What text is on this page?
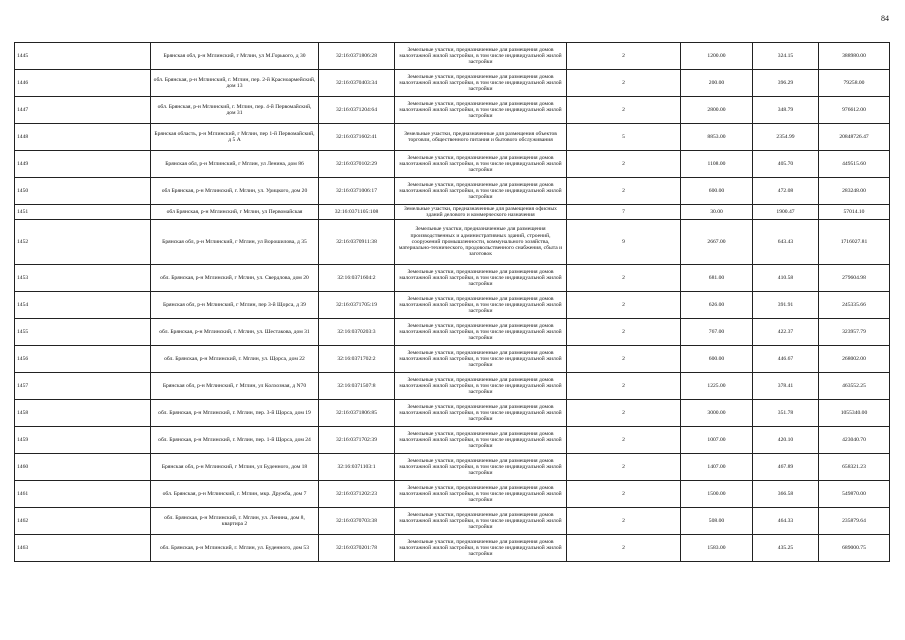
84
1445	Брянская обл, р-н Мглинский, г Мглин, ул М.Горького, д 30	32:16:0371806:28	Земельные участки, предназначенные для размещения домов малоэтажной жилой застройки, в том числе индивидуальной жилой застройки	2	1200.00	324.15	388980.00
1446	обл. Брянская, р-н Мглинский, г. Мглин, пер. 2-й Красноармейский, дом 13	32:16:0370403:34	Земельные участки, предназначенные для размещения домов малоэтажной жилой застройки, в том числе индивидуальной жилой застройки	2	200.00	396.29	79258.00
1447	обл. Брянская, р-н Мглинский, г. Мглин, пер. 4-й Первомайский, дом 31	32:16:0371204:64	Земельные участки, предназначенные для размещения домов малоэтажной жилой застройки, в том числе индивидуальной жилой застройки	2	2800.00	348.79	976612.00
1448	Брянская область, р-н Мглинский, г Мглин, пер 1-й Первомайский, д 5 А	32:16:0371602:41	Земельные участки, предназначенные для размещения объектов торговли, общественного питания и бытового обслуживания	5	8853.00	2354.99	20848726.47
1449	Брянская обл, р-н Мглинский, г Мглин, ул Ленина, дом 86	32:16:0370102:29	Земельные участки, предназначенные для размещения домов малоэтажной жилой застройки, в том числе индивидуальной жилой застройки	2	1108.00	405.70	449515.60
1450	обл Брянская, р-н Мглинский, г. Мглин, ул. Урицкого, дом 20	32:16:0371006:17	Земельные участки, предназначенные для размещения домов малоэтажной жилой застройки, в том числе индивидуальной жилой застройки	2	600.00	472.08	283248.00
1451	обл Брянская, р-н Мглинский, г Мглин, ул Первомайская	32:16:0371105:108	Земельные участки, предназначенные для размещения офисных зданий делового и коммерческого назначения	7	30.00	1900.47	57014.10
1452	Брянская обл, р-н Мглинский, г Мглин, ул Ворошилова, д 35	32:16:0370911:38	Земельные участки, предназначенные для размещения производственных и административных зданий, строений, сооружений промышленности, коммунального хозяйства, материально-технического, продовольственного снабжения, сбыта и заготовок	9	2667.00	643.43	1716027.81
1453	обл. Брянская, р-н Мглинский, г Мглин, ул. Свердлова, дом 20	32:16:0371604:2	Земельные участки, предназначенные для размещения домов малоэтажной жилой застройки, в том числе индивидуальной жилой застройки	2	681.00	410.58	279604.98
1454	Брянская обл, р-н Мглинский, г Мглин, пер 3-й Щорса, д 39	32:16:0371705:19	Земельные участки, предназначенные для размещения домов малоэтажной жилой застройки, в том числе индивидуальной жилой застройки	2	626.00	391.91	245335.66
1455	обл. Брянская, р-н Мглинский, г. Мглин, ул. Шестакова, дом 31	32:16:0370203:3	Земельные участки, предназначенные для размещения домов малоэтажной жилой застройки, в том числе индивидуальной жилой застройки	2	767.00	422.37	323957.79
1456	обл. Брянская, р-н Мглинский, г. Мглин, ул. Щорса, дом 22	32:16:0371702:2	Земельные участки, предназначенные для размещения домов малоэтажной жилой застройки, в том числе индивидуальной жилой застройки	2	600.00	446.67	268002.00
1457	Брянская обл, р-н Мглинский, г Мглин, ул Колхозная, д N70	32:16:0371507:8	Земельные участки, предназначенные для размещения домов малоэтажной жилой застройки, в том числе индивидуальной жилой застройки	2	1225.00	378.41	463552.25
1458	обл. Брянская, р-н Мглинский, г. Мглин, пер. 3-й Щорса, дом 19	32:16:0371806:85	Земельные участки, предназначенные для размещения домов малоэтажной жилой застройки, в том числе индивидуальной жилой застройки	2	3000.00	351.78	1055340.00
1459	обл. Брянская, р-н Мглинский, г. Мглин, пер. 1-й Щорса, дом 24	32:16:0371702:39	Земельные участки, предназначенные для размещения домов малоэтажной жилой застройки, в том числе индивидуальной жилой застройки	2	1007.00	420.10	423040.70
1460	Брянская обл, р-н Мглинский, г Мглин, ул Буденного, дом 18	32:16:0371103:1	Земельные участки, предназначенные для размещения домов малоэтажной жилой застройки, в том числе индивидуальной жилой застройки	2	1407.00	467.89	658321.23
1461	обл. Брянская, р-н Мглинский, г. Мглин, мкр. Дружба, дом 7	32:16:0371202:23	Земельные участки, предназначенные для размещения домов малоэтажной жилой застройки, в том числе индивидуальной жилой застройки	2	1500.00	366.58	549870.00
1462	обл. Брянская, р-н Мглинский, г. Мглин, ул. Ленина, дом 8, квартира 2	32:16:0370703:38	Земельные участки, предназначенные для размещения домов малоэтажной жилой застройки, в том числе индивидуальной жилой застройки	2	508.00	464.33	235879.64
1463	обл. Брянская, р-н Мглинский, г. Мглин, ул. Буденного, дом 53	32:16:0370201:78	Земельные участки, предназначенные для размещения домов малоэтажной жилой застройки, в том числе индивидуальной жилой застройки	2	1583.00	435.25	689000.75
